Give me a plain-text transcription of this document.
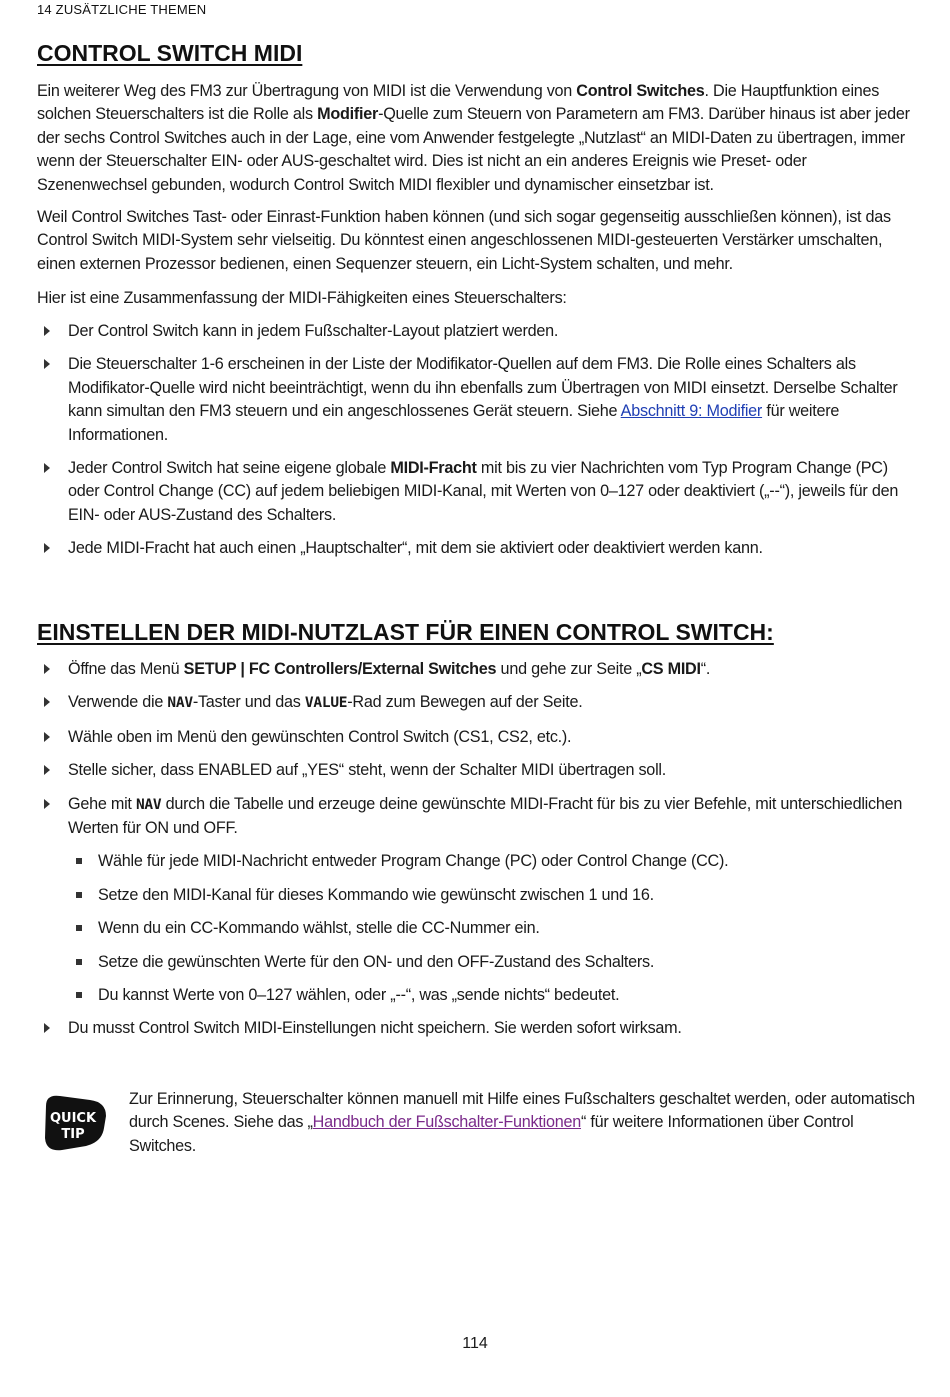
14 ZUSÄTZLICHE THEMEN
CONTROL SWITCH MIDI

Ein weiterer Weg des FM3 zur Übertragung von MIDI ist die Verwendung von Control Switches. Die Hauptfunktion eines solchen Steuerschalters ist die Rolle als Modifier-Quelle zum Steuern von Parametern am FM3. Darüber hinaus ist aber jeder der sechs Control Switches auch in der Lage, eine vom Anwender festgelegte „Nutzlast“ an MIDI-Daten zu übertragen, immer wenn der Steuerschalter EIN- oder AUS-geschaltet wird. Dies ist nicht an ein anderes Ereignis wie Preset- oder Szenenwechsel gebunden, wodurch Control Switch MIDI flexibler und dynamischer einsetzbar ist.

Weil Control Switches Tast- oder Einrast-Funktion haben können (und sich sogar gegenseitig ausschließen können), ist das Control Switch MIDI-System sehr vielseitig. Du könntest einen angeschlossenen MIDI-gesteuerten Verstärker umschalten, einen externen Prozessor bedienen, einen Sequenzer steuern, ein Licht-System schalten, und mehr.

Hier ist eine Zusammenfassung der MIDI-Fähigkeiten eines Steuerschalters:

Der Control Switch kann in jedem Fußschalter-Layout platziert werden.
Die Steuerschalter 1-6 erscheinen in der Liste der Modifikator-Quellen auf dem FM3. Die Rolle eines Schalters als Modifikator-Quelle wird nicht beeinträchtigt, wenn du ihn ebenfalls zum Übertragen von MIDI einsetzt. Derselbe Schalter kann simultan den FM3 steuern und ein angeschlossenes Gerät steuern. Siehe Abschnitt 9: Modifier für weitere Informationen.
Jeder Control Switch hat seine eigene globale MIDI-Fracht mit bis zu vier Nachrichten vom Typ Program Change (PC) oder Control Change (CC) auf jedem beliebigen MIDI-Kanal, mit Werten von 0–127 oder deaktiviert („--“), jeweils für den EIN- oder AUS-Zustand des Schalters.
Jede MIDI-Fracht hat auch einen „Hauptschalter“, mit dem sie aktiviert oder deaktiviert werden kann.
EINSTELLEN DER MIDI-NUTZLAST FÜR EINEN CONTROL SWITCH:
Öffne das Menü SETUP | FC Controllers/External Switches und gehe zur Seite „CS MIDI“.
Verwende die NAV-Taster und das VALUE-Rad zum Bewegen auf der Seite.
Wähle oben im Menü den gewünschten Control Switch (CS1, CS2, etc.).
Stelle sicher, dass ENABLED auf „YES“ steht, wenn der Schalter MIDI übertragen soll.
Gehe mit NAV durch die Tabelle und erzeuge deine gewünschte MIDI-Fracht für bis zu vier Befehle, mit unterschiedlichen Werten für ON und OFF.
Wähle für jede MIDI-Nachricht entweder Program Change (PC) oder Control Change (CC).
Setze den MIDI-Kanal für dieses Kommando wie gewünscht zwischen 1 und 16.
Wenn du ein CC-Kommando wählst, stelle die CC-Nummer ein.
Setze die gewünschten Werte für den ON- und den OFF-Zustand des Schalters.
Du kannst Werte von 0–127 wählen, oder „--“, was „sende nichts“ bedeutet.
Du musst Control Switch MIDI-Einstellungen nicht speichern. Sie werden sofort wirksam.
QUICK
TIP
Zur Erinnerung, Steuerschalter können manuell mit Hilfe eines Fußschalters geschaltet werden, oder automatisch durch Scenes. Siehe das „Handbuch der Fußschalter-Funktionen“ für weitere Informationen über Control Switches.
114
